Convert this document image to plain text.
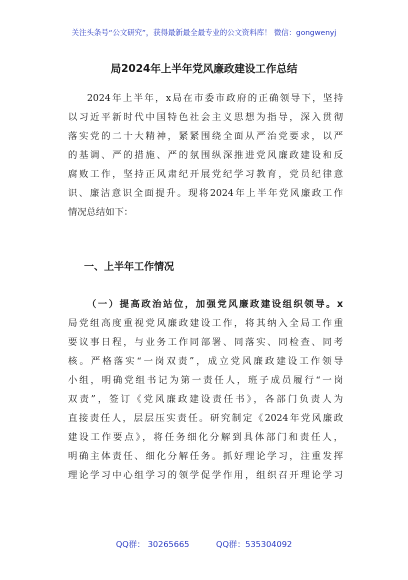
关注头条号“公文研究”，获得最新最全最专业的公文资料库！ 微信：gongwenyj
局2024年上半年党风廉政建设工作总结
2024年上半年，x局在市委市政府的正确领导下，坚持
以习近平新时代中国特色社会主义思想为指导，深入贯彻
落实党的二十大精神，紧紧围绕全面从严治党要求，以严
的基调、严的措施、严的氛围纵深推进党风廉政建设和反
腐败工作，坚持正风肃纪开展党纪学习教育，党员纪律意
识、廉洁意识全面提升。现将2024年上半年党风廉政工作
情况总结如下：
一、上半年工作情况
（一）提高政治站位，加强党风廉政建设组织领导。x
局党组高度重视党风廉政建设工作，将其纳入全局工作重
要议事日程，与业务工作同部署、同落实、同检查、同考
核。严格落实“一岗双责”，成立党风廉政建设工作领导
小组，明确党组书记为第一责任人，班子成员履行“一岗
双责”，签订《党风廉政建设责任书》，各部门负责人为
直接责任人，层层压实责任。研究制定《2024年党风廉政
建设工作要点》，将任务细化分解到具体部门和责任人，
明确主体责任、细化分解任务。抓好理论学习，注重发挥
理论学习中心组学习的领学促学作用，组织召开理论学习
QQ群： 30265665	QQ群：535304092
